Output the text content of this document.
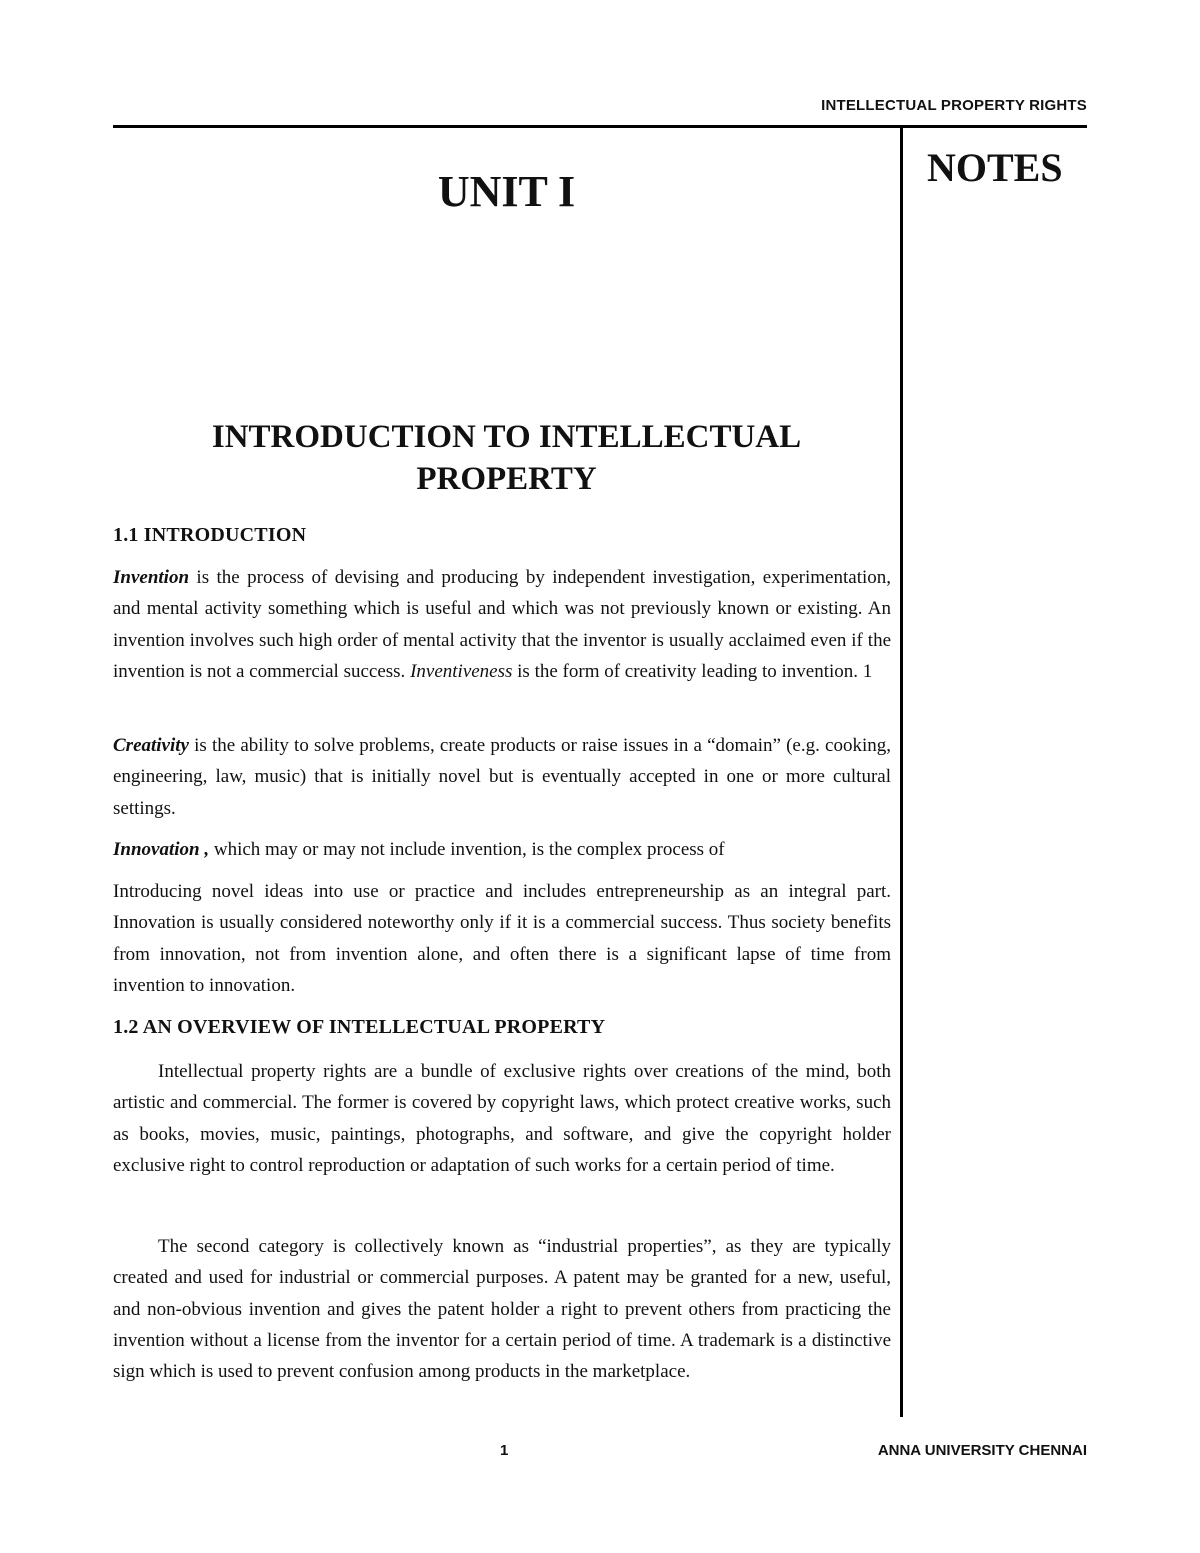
INTELLECTUAL PROPERTY RIGHTS
NOTES
UNIT I
INTRODUCTION TO INTELLECTUAL
PROPERTY

1.1 INTRODUCTION

Invention is the process of devising and producing by independent investigation, experimentation, and mental activity something which is useful and which was not previously known or existing. An invention involves such high order of mental activity that the inventor is usually acclaimed even if the invention is not a commercial success. Inventiveness is the form of creativity leading to invention. 1

Creativity is the ability to solve problems, create products or raise issues in a “domain” (e.g. cooking, engineering, law, music) that is initially novel but is eventually accepted in one or more cultural settings.

Innovation , which may or may not include invention, is the complex process of

Introducing novel ideas into use or practice and includes entrepreneurship as an integral part. Innovation is usually considered noteworthy only if it is a commercial success. Thus society benefits from innovation, not from invention alone, and often there is a significant lapse of time from invention to innovation.

1.2 AN OVERVIEW OF INTELLECTUAL PROPERTY

Intellectual property rights are a bundle of exclusive rights over creations of the mind, both artistic and commercial. The former is covered by copyright laws, which protect creative works, such as books, movies, music, paintings, photographs, and software, and give the copyright holder exclusive right to control reproduction or adaptation of such works for a certain period of time.

The second category is collectively known as “industrial properties”, as they are typically created and used for industrial or commercial purposes. A patent may be granted for a new, useful, and non-obvious invention and gives the patent holder a right to prevent others from practicing the invention without a license from the inventor for a certain period of time. A trademark is a distinctive sign which is used to prevent confusion among products in the marketplace.

1	ANNA UNIVERSITY CHENNAI
